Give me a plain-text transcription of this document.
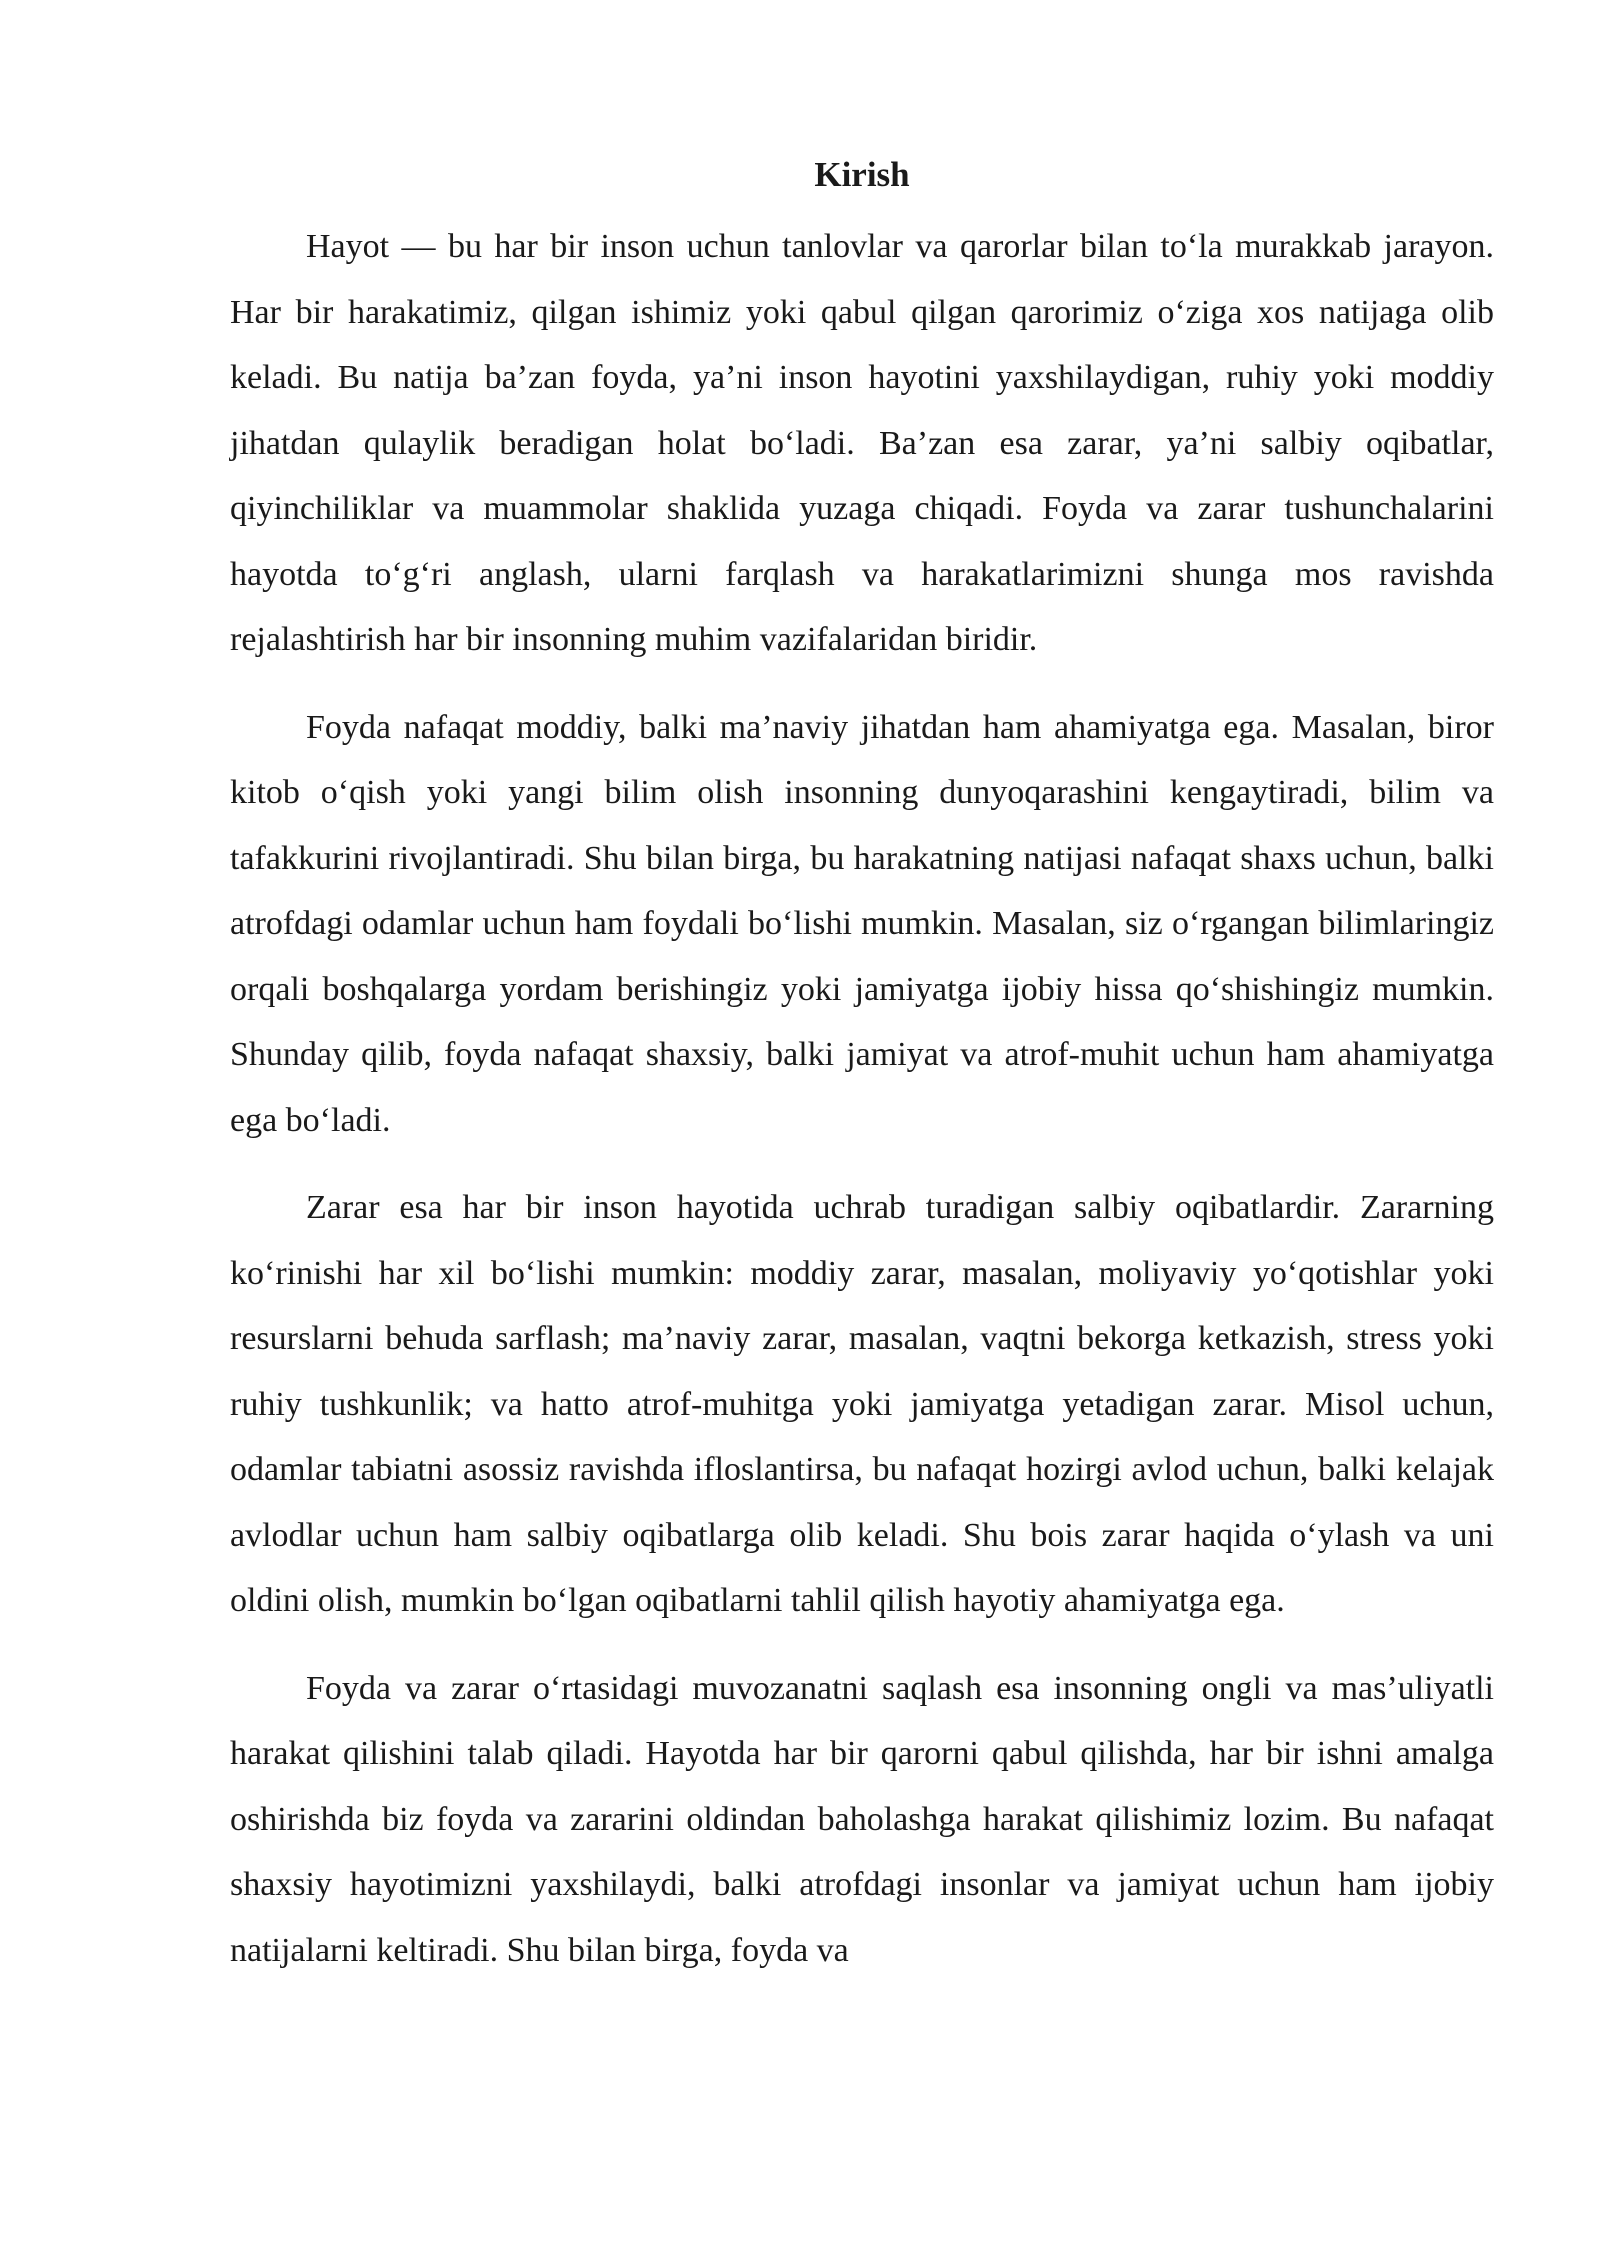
Kirish

Hayot — bu har bir inson uchun tanlovlar va qarorlar bilan to‘la murakkab jarayon. Har bir harakatimiz, qilgan ishimiz yoki qabul qilgan qarorimiz o‘ziga xos natijaga olib keladi. Bu natija ba’zan foyda, ya’ni inson hayotini yaxshilaydigan, ruhiy yoki moddiy jihatdan qulaylik beradigan holat bo‘ladi. Ba’zan esa zarar, ya’ni salbiy oqibatlar, qiyinchiliklar va muammolar shaklida yuzaga chiqadi. Foyda va zarar tushunchalarini hayotda to‘g‘ri anglash, ularni farqlash va harakatlarimizni shunga mos ravishda rejalashtirish har bir insonning muhim vazifalaridan biridir.

Foyda nafaqat moddiy, balki ma’naviy jihatdan ham ahamiyatga ega. Masalan, biror kitob o‘qish yoki yangi bilim olish insonning dunyoqarashini kengaytiradi, bilim va tafakkurini rivojlantiradi. Shu bilan birga, bu harakatning natijasi nafaqat shaxs uchun, balki atrofdagi odamlar uchun ham foydali bo‘lishi mumkin. Masalan, siz o‘rgangan bilimlaringiz orqali boshqalarga yordam berishingiz yoki jamiyatga ijobiy hissa qo‘shishingiz mumkin. Shunday qilib, foyda nafaqat shaxsiy, balki jamiyat va atrof-muhit uchun ham ahamiyatga ega bo‘ladi.

Zarar esa har bir inson hayotida uchrab turadigan salbiy oqibatlardir. Zararning ko‘rinishi har xil bo‘lishi mumkin: moddiy zarar, masalan, moliyaviy yo‘qotishlar yoki resurslarni behuda sarflash; ma’naviy zarar, masalan, vaqtni bekorga ketkazish, stress yoki ruhiy tushkunlik; va hatto atrof-muhitga yoki jamiyatga yetadigan zarar. Misol uchun, odamlar tabiatni asossiz ravishda ifloslantirsa, bu nafaqat hozirgi avlod uchun, balki kelajak avlodlar uchun ham salbiy oqibatlarga olib keladi. Shu bois zarar haqida o‘ylash va uni oldini olish, mumkin bo‘lgan oqibatlarni tahlil qilish hayotiy ahamiyatga ega.

Foyda va zarar o‘rtasidagi muvozanatni saqlash esa insonning ongli va mas’uliyatli harakat qilishini talab qiladi. Hayotda har bir qarorni qabul qilishda, har bir ishni amalga oshirishda biz foyda va zararini oldindan baholashga harakat qilishimiz lozim. Bu nafaqat shaxsiy hayotimizni yaxshilaydi, balki atrofdagi insonlar va jamiyat uchun ham ijobiy natijalarni keltiradi. Shu bilan birga, foyda va
